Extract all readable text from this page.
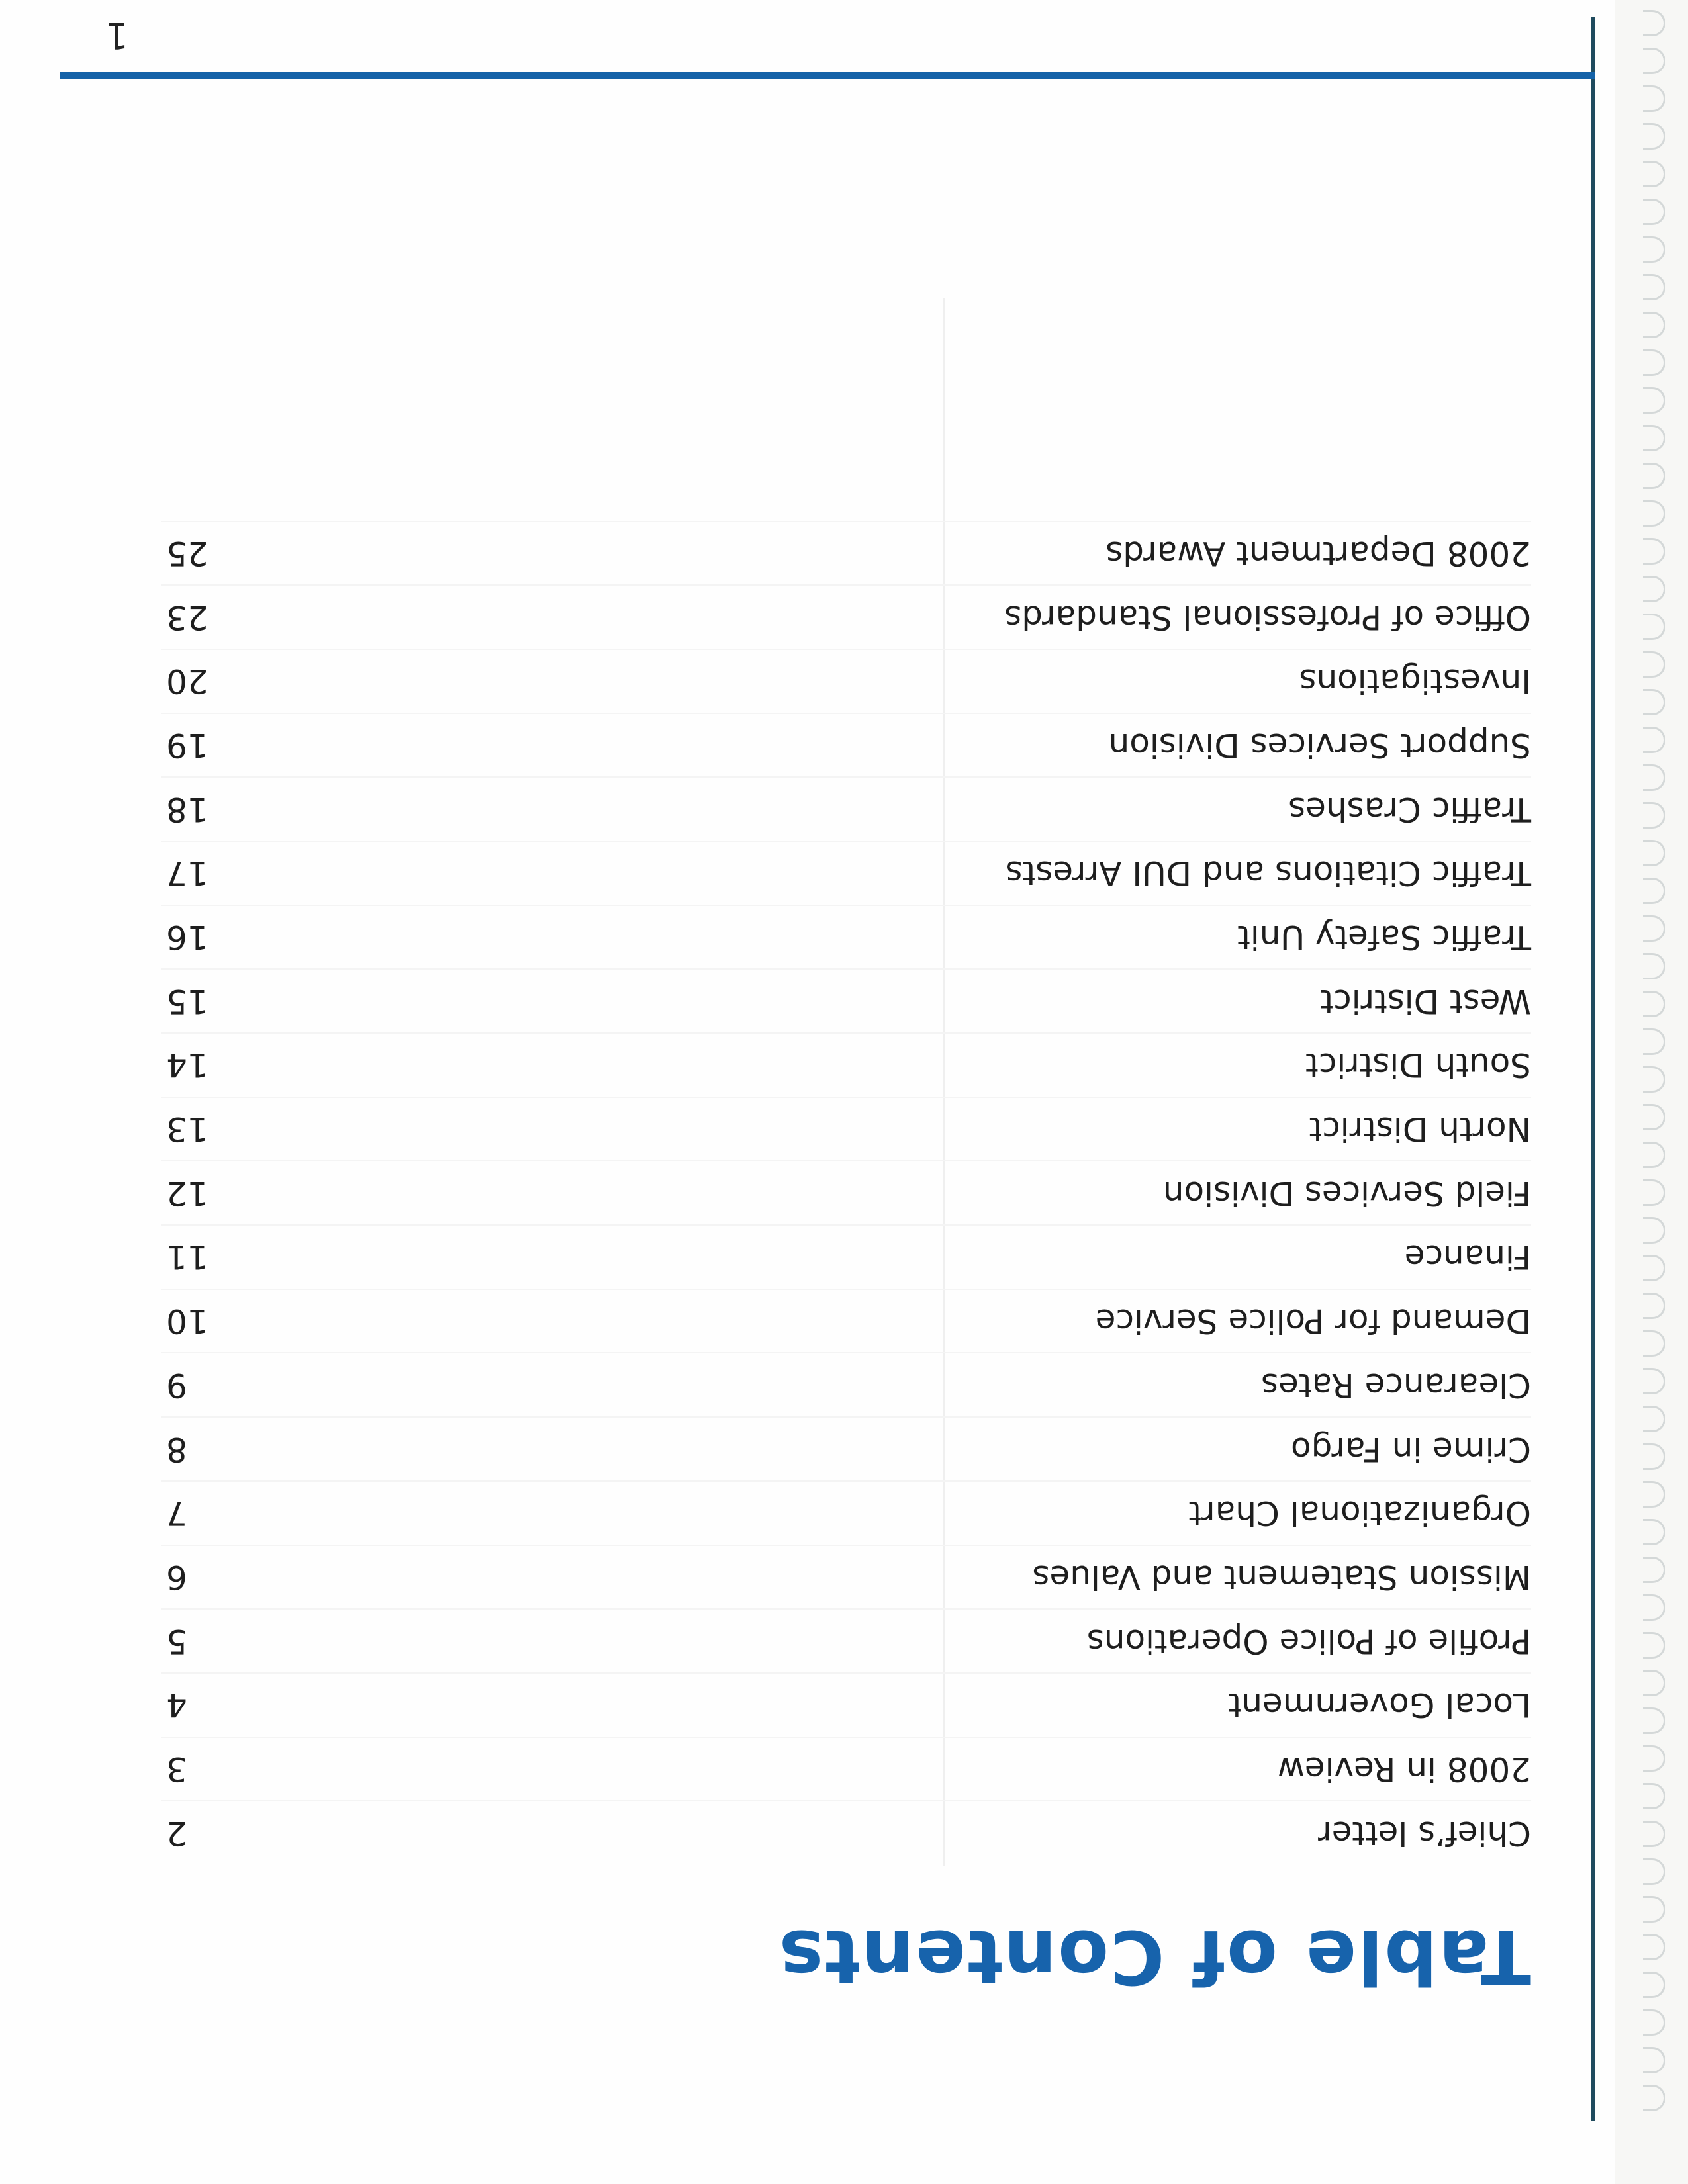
1
Table of Contents
Chief’s letter
2
2008 in Review
3
Local Government
4
Profile of Police Operations
5
Mission Statement and Values
6
Organizational Chart
7
Crime in Fargo
8
Clearance Rates
9
Demand for Police Service
10
Finance
11
Field Services Division
12
North District
13
South District
14
West District
15
Traffic Safety Unit
16
Traffic Citations and DUI Arrests
17
Traffic Crashes
18
Support Services Division
19
Investigations
20
Office of Professional Standards
23
2008 Department Awards
25
